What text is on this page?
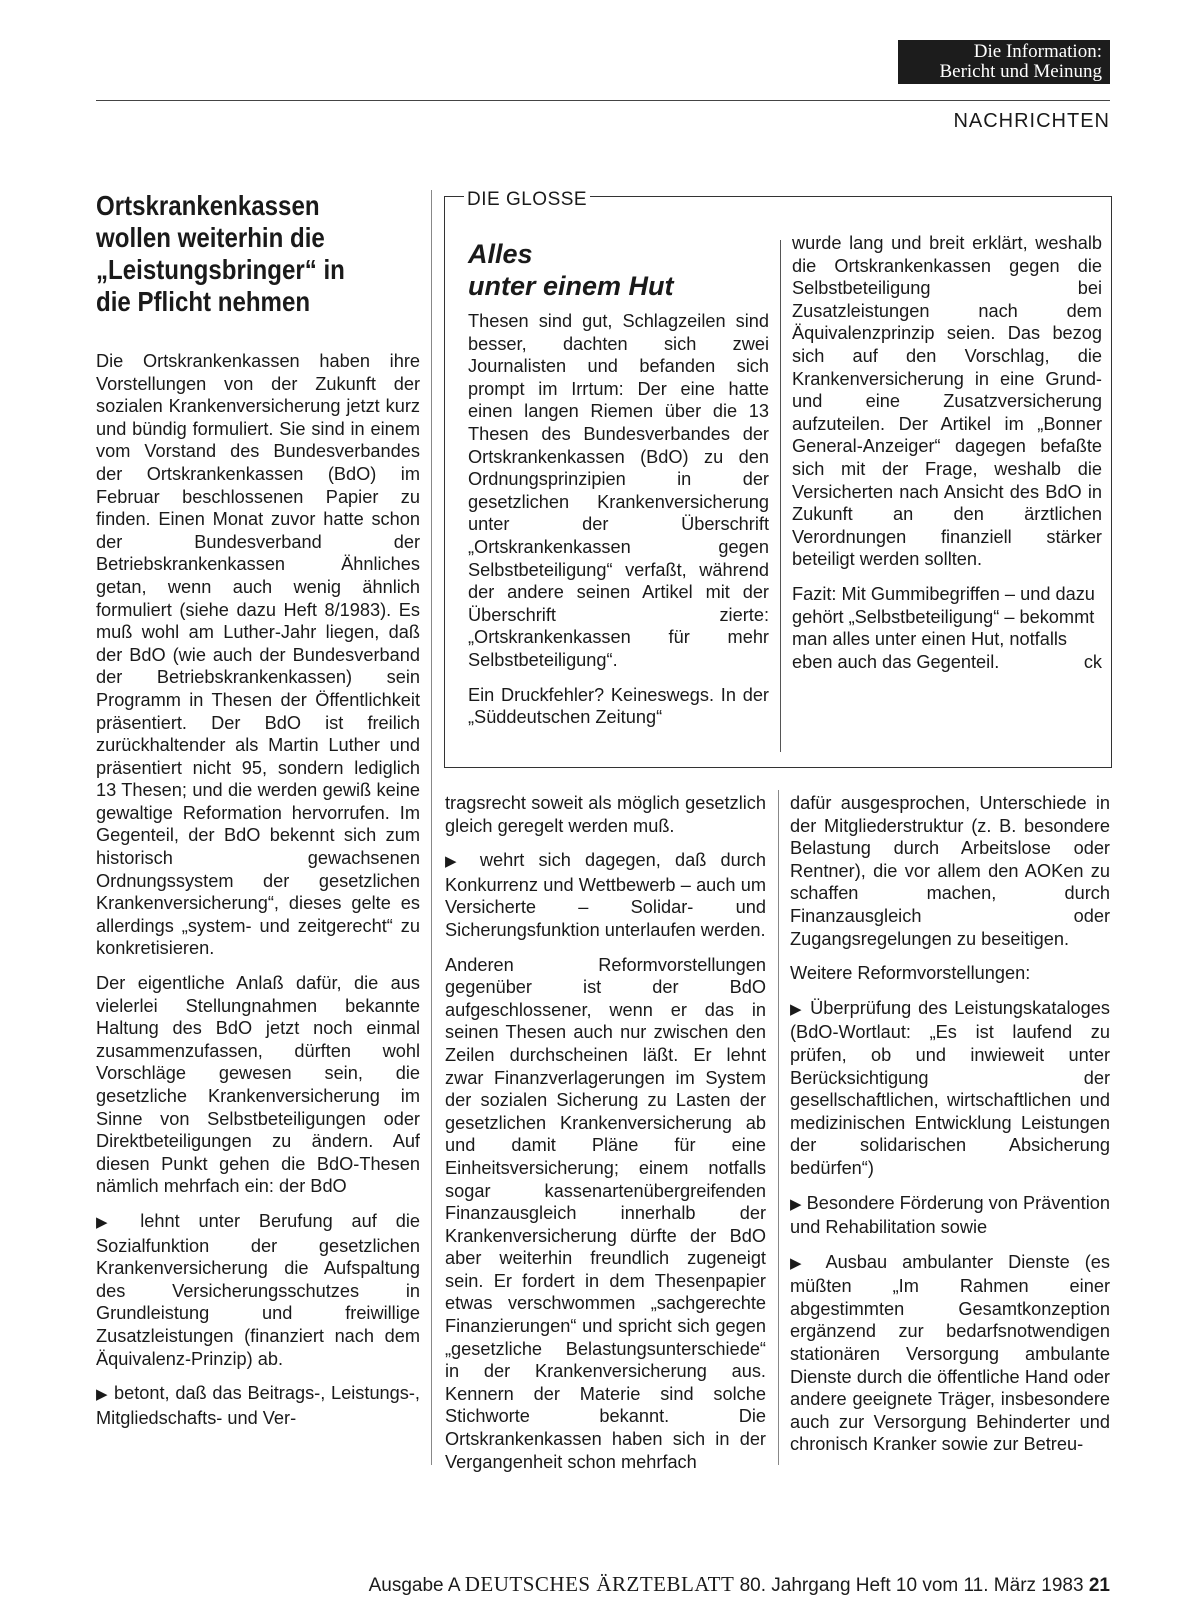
Die Information:
Bericht und Meinung
NACHRICHTEN
Ortskrankenkassen wollen weiterhin die „Leistungsbringer“ in die Pflicht nehmen

Die Ortskrankenkassen haben ihre Vorstellungen von der Zukunft der sozialen Krankenversicherung jetzt kurz und bündig formuliert. Sie sind in einem vom Vorstand des Bundesverbandes der Ortskrankenkassen (BdO) im Februar beschlossenen Papier zu finden. Einen Monat zuvor hatte schon der Bundesverband der Betriebskrankenkassen Ähnliches getan, wenn auch wenig ähnlich formuliert (siehe dazu Heft 8/1983). Es muß wohl am Luther-Jahr liegen, daß der BdO (wie auch der Bundesverband der Betriebskrankenkassen) sein Programm in Thesen der Öffentlichkeit präsentiert. Der BdO ist freilich zurückhaltender als Martin Luther und präsentiert nicht 95, sondern lediglich 13 Thesen; und die werden gewiß keine gewaltige Reformation hervorrufen. Im Gegenteil, der BdO bekennt sich zum historisch gewachsenen Ordnungssystem der gesetzlichen Krankenversicherung“, dieses gelte es allerdings „system- und zeitgerecht“ zu konkretisieren.

Der eigentliche Anlaß dafür, die aus vielerlei Stellungnahmen bekannte Haltung des BdO jetzt noch einmal zusammenzufassen, dürften wohl Vorschläge gewesen sein, die gesetzliche Krankenversicherung im Sinne von Selbstbeteiligungen oder Direktbeteiligungen zu ändern. Auf diesen Punkt gehen die BdO-Thesen nämlich mehrfach ein: der BdO

▶ lehnt unter Berufung auf die Sozialfunktion der gesetzlichen Krankenversicherung die Aufspaltung des Versicherungsschutzes in Grundleistung und freiwillige Zusatzleistungen (finanziert nach dem Äquivalenz-Prinzip) ab.

▶ betont, daß das Beitrags-, Leistungs-, Mitgliedschafts- und Ver-

DIE GLOSSE
Alles
unter einem Hut

Thesen sind gut, Schlagzeilen sind besser, dachten sich zwei Journalisten und befanden sich prompt im Irrtum: Der eine hatte einen langen Riemen über die 13 Thesen des Bundesverbandes der Ortskrankenkassen (BdO) zu den Ordnungsprinzipien in der gesetzlichen Krankenversicherung unter der Überschrift „Ortskrankenkassen gegen Selbstbeteiligung“ verfaßt, während der andere seinen Artikel mit der Überschrift zierte: „Ortskrankenkassen für mehr Selbstbeteiligung“.

Ein Druckfehler? Keineswegs. In der „Süddeutschen Zeitung“

wurde lang und breit erklärt, weshalb die Ortskrankenkassen gegen die Selbstbeteiligung bei Zusatzleistungen nach dem Äquivalenzprinzip seien. Das bezog sich auf den Vorschlag, die Krankenversicherung in eine Grund- und eine Zusatzversicherung aufzuteilen. Der Artikel im „Bonner General-Anzeiger“ dagegen befaßte sich mit der Frage, weshalb die Versicherten nach Ansicht des BdO in Zukunft an den ärztlichen Verordnungen finanziell stärker beteiligt werden sollten.

Fazit: Mit Gummibegriffen – und dazu gehört „Selbstbeteiligung“ – bekommt man alles unter einen Hut, notfalls eben auch das Gegenteil.	ck

tragsrecht soweit als möglich gesetzlich gleich geregelt werden muß.

▶ wehrt sich dagegen, daß durch Konkurrenz und Wettbewerb – auch um Versicherte – Solidar- und Sicherungsfunktion unterlaufen werden.

Anderen Reformvorstellungen gegenüber ist der BdO aufgeschlossener, wenn er das in seinen Thesen auch nur zwischen den Zeilen durchscheinen läßt. Er lehnt zwar Finanzverlagerungen im System der sozialen Sicherung zu Lasten der gesetzlichen Krankenversicherung ab und damit Pläne für eine Einheitsversicherung; einem notfalls sogar kassenartenübergreifenden Finanzausgleich innerhalb der Krankenversicherung dürfte der BdO aber weiterhin freundlich zugeneigt sein. Er fordert in dem Thesenpapier etwas verschwommen „sachgerechte Finanzierungen“ und spricht sich gegen „gesetzliche Belastungsunterschiede“ in der Krankenversicherung aus. Kennern der Materie sind solche Stichworte bekannt. Die Ortskrankenkassen haben sich in der Vergangenheit schon mehrfach

dafür ausgesprochen, Unterschiede in der Mitgliederstruktur (z. B. besondere Belastung durch Arbeitslose oder Rentner), die vor allem den AOKen zu schaffen machen, durch Finanzausgleich oder Zugangsregelungen zu beseitigen.

Weitere Reformvorstellungen:

▶ Überprüfung des Leistungskataloges (BdO-Wortlaut: „Es ist laufend zu prüfen, ob und inwieweit unter Berücksichtigung der gesellschaftlichen, wirtschaftlichen und medizinischen Entwicklung Leistungen der solidarischen Absicherung bedürfen“)

▶ Besondere Förderung von Prävention und Rehabilitation sowie

▶ Ausbau ambulanter Dienste (es müßten „Im Rahmen einer abgestimmten Gesamtkonzeption ergänzend zur bedarfsnotwendigen stationären Versorgung ambulante Dienste durch die öffentliche Hand oder andere geeignete Träger, insbesondere auch zur Versorgung Behinderter und chronisch Kranker sowie zur Betreu-

Ausgabe A DEUTSCHES ÄRZTEBLATT 80. Jahrgang Heft 10 vom 11. März 1983 21
